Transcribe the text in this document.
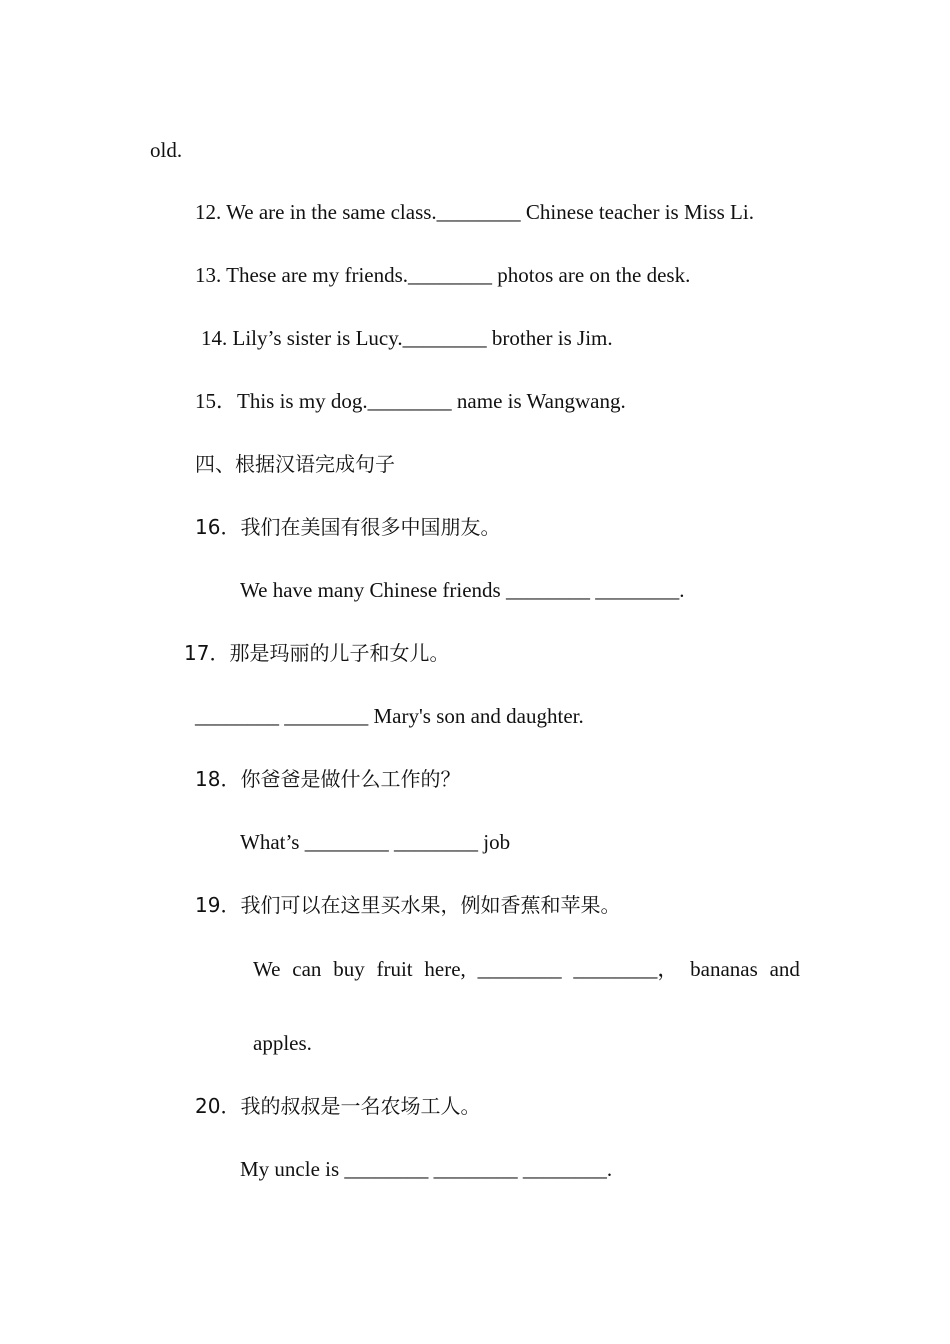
old.
12. We are in the same class.________ Chinese teacher is Miss Li.
13. These are my friends.________ photos are on the desk.
14. Lily’s sister is Lucy.________ brother is Jim.
15．This is my dog.________ name is Wangwang.
四、根据汉语完成句子
16．我们在美国有很多中国朋友。
We have many Chinese friends ________ ________.
17．那是玛丽的儿子和女儿。
________ ________ Mary's son and daughter.
18．你爸爸是做什么工作的？
What’s ________ ________ job
19．我们可以在这里买水果，例如香蕉和苹果。
We can buy fruit here, ________ ________， bananas and
apples.
20．我的叔叔是一名农场工人。
My uncle is ________ ________ ________.
